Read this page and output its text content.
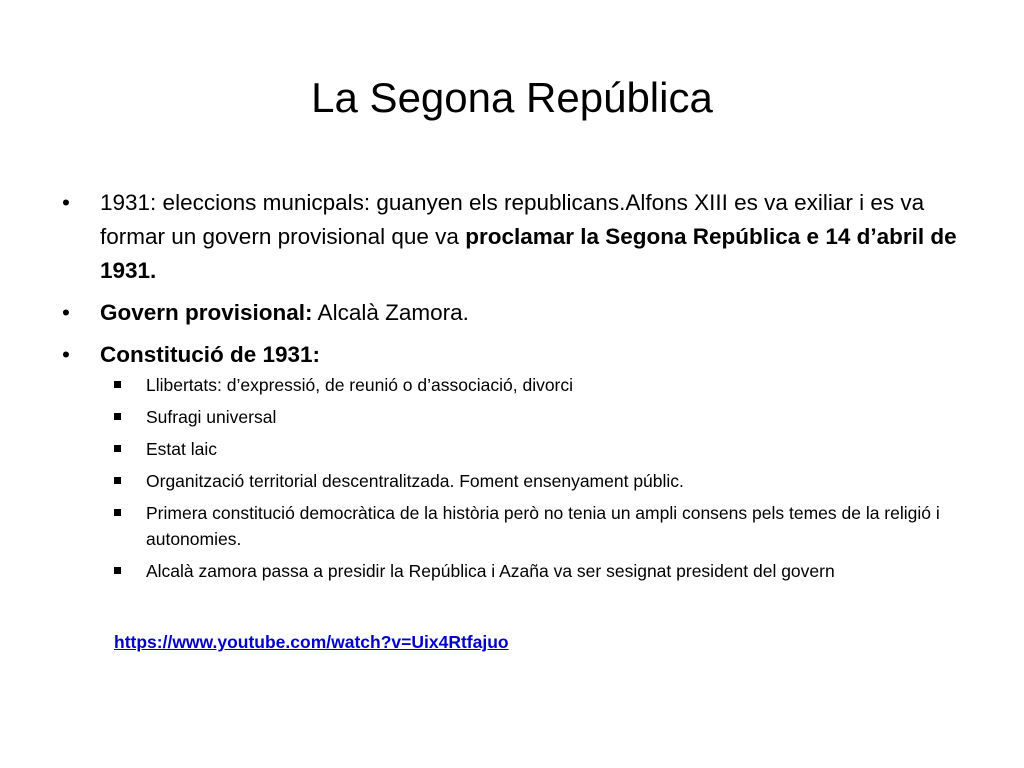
La Segona República
•	1931: eleccions municpals: guanyen els republicans.Alfons XIII es va exiliar i es va formar un govern provisional que va proclamar la Segona República e 14 d’abril de 1931.
•	Govern provisional: Alcalà Zamora.
•	Constitució de 1931:
Llibertats: d’expressió, de reunió o d’associació, divorci
Sufragi universal
Estat laic
Organització territorial descentralitzada. Foment ensenyament públic.
Primera constitució democràtica de la història però no tenia un ampli consens pels temes de la religió i autonomies.
Alcalà zamora passa a presidir la República i Azaña va ser sesignat president del govern
https://www.youtube.com/watch?v=Uix4Rtfajuo
